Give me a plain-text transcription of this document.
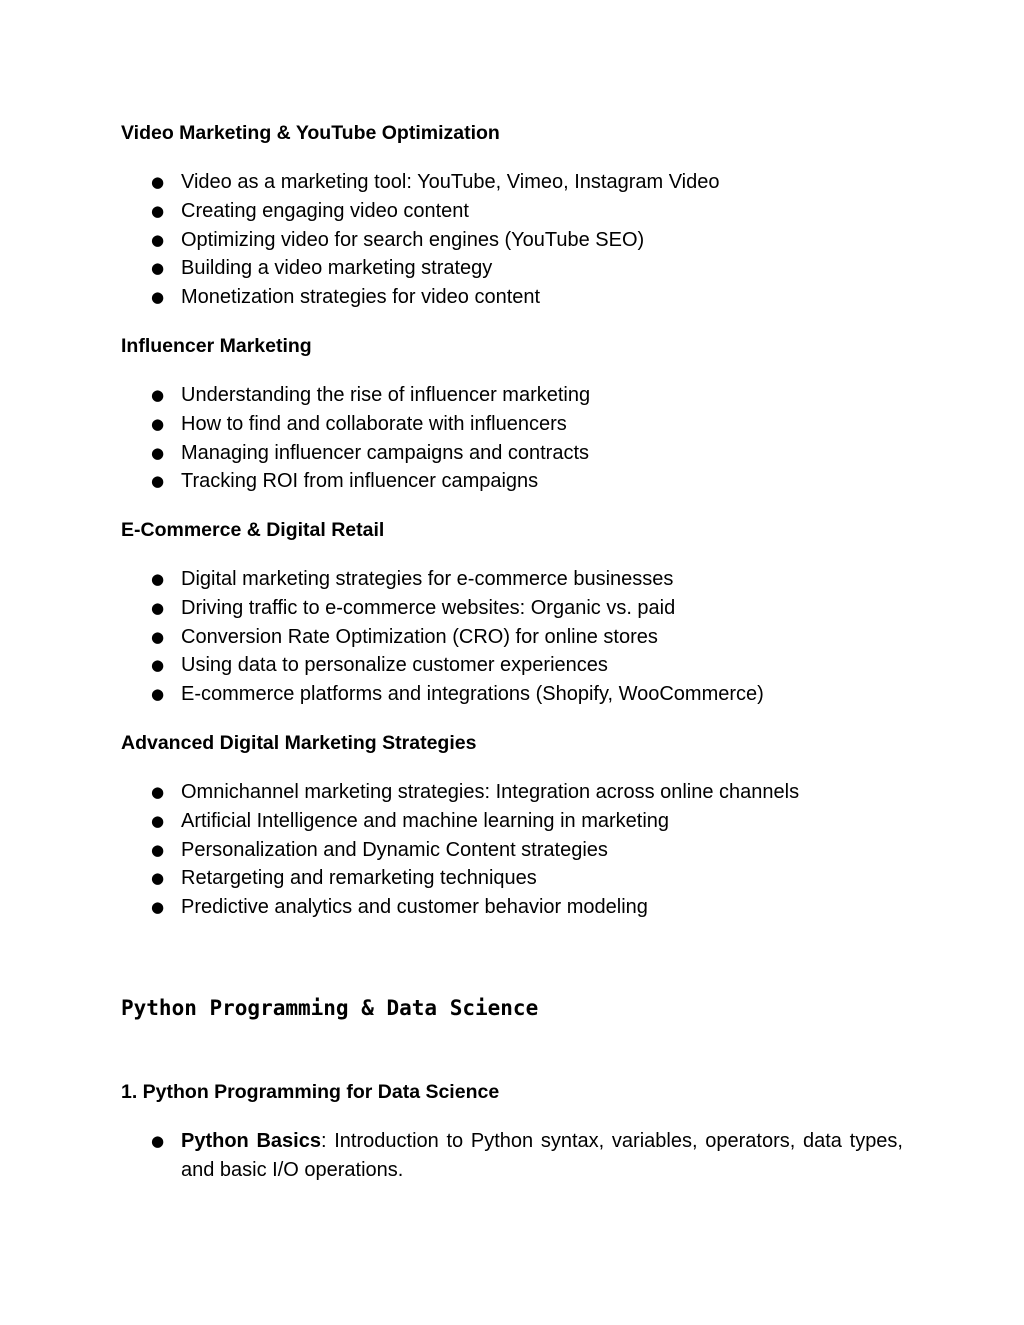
Video Marketing & YouTube Optimization
● Video as a marketing tool: YouTube, Vimeo, Instagram Video
● Creating engaging video content
● Optimizing video for search engines (YouTube SEO)
● Building a video marketing strategy
● Monetization strategies for video content
Influencer Marketing
● Understanding the rise of influencer marketing
● How to find and collaborate with influencers
● Managing influencer campaigns and contracts
● Tracking ROI from influencer campaigns
E-Commerce & Digital Retail
● Digital marketing strategies for e-commerce businesses
● Driving traffic to e-commerce websites: Organic vs. paid
● Conversion Rate Optimization (CRO) for online stores
● Using data to personalize customer experiences
● E-commerce platforms and integrations (Shopify, WooCommerce)
Advanced Digital Marketing Strategies
● Omnichannel marketing strategies: Integration across online channels
● Artificial Intelligence and machine learning in marketing
● Personalization and Dynamic Content strategies
● Retargeting and remarketing techniques
● Predictive analytics and customer behavior modeling
Python Programming & Data Science
1. Python Programming for Data Science
● Python Basics: Introduction to Python syntax, variables, operators, data types, and basic I/O operations.
